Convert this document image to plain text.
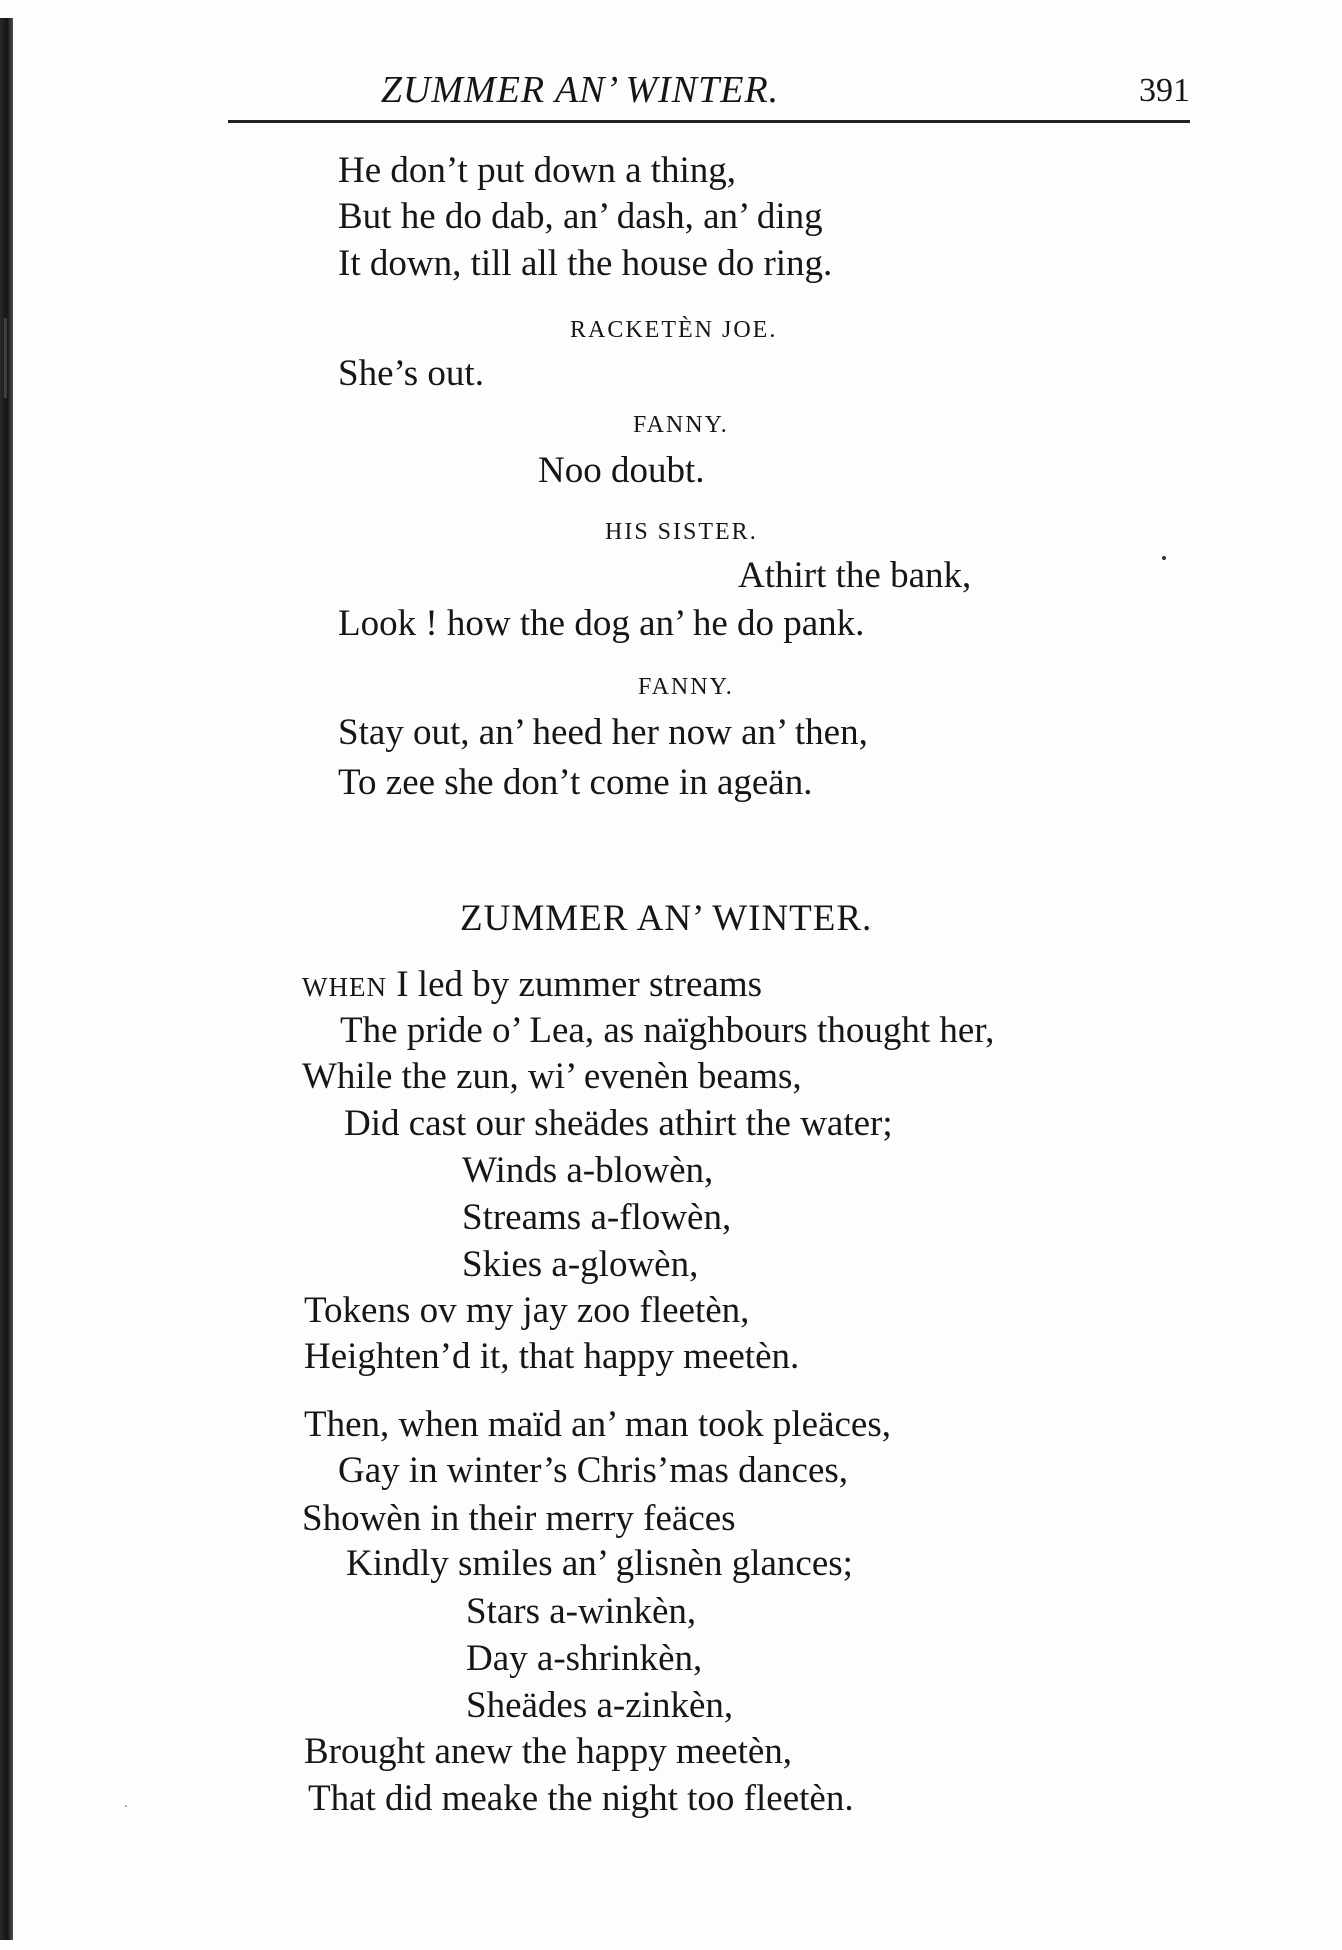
ZUMMER AN’ WINTER.	391
He don’t put down a thing,
But he do dab, an’ dash, an’ ding
It down, till all the house do ring.
RACKETÈN JOE.
She’s out.
FANNY.
Noo doubt.
HIS SISTER.
Athirt the bank,
Look ! how the dog an’ he do pank.
FANNY.
Stay out, an’ heed her now an’ then,
To zee she don’t come in ageän.
ZUMMER AN’ WINTER.
WHEN I led by zummer streams
The pride o’ Lea, as naïghbours thought her,
While the zun, wi’ evenèn beams,
Did cast our sheädes athirt the water;
Winds a-blowèn,
Streams a-flowèn,
Skies a-glowèn,
Tokens ov my jay zoo fleetèn,
Heighten’d it, that happy meetèn.
Then, when maïd an’ man took pleäces,
Gay in winter’s Chris’mas dances,
Showèn in their merry feäces
Kindly smiles an’ glisnèn glances;
Stars a-winkèn,
Day a-shrinkèn,
Sheädes a-zinkèn,
Brought anew the happy meetèn,
That did meake the night too fleetèn.
